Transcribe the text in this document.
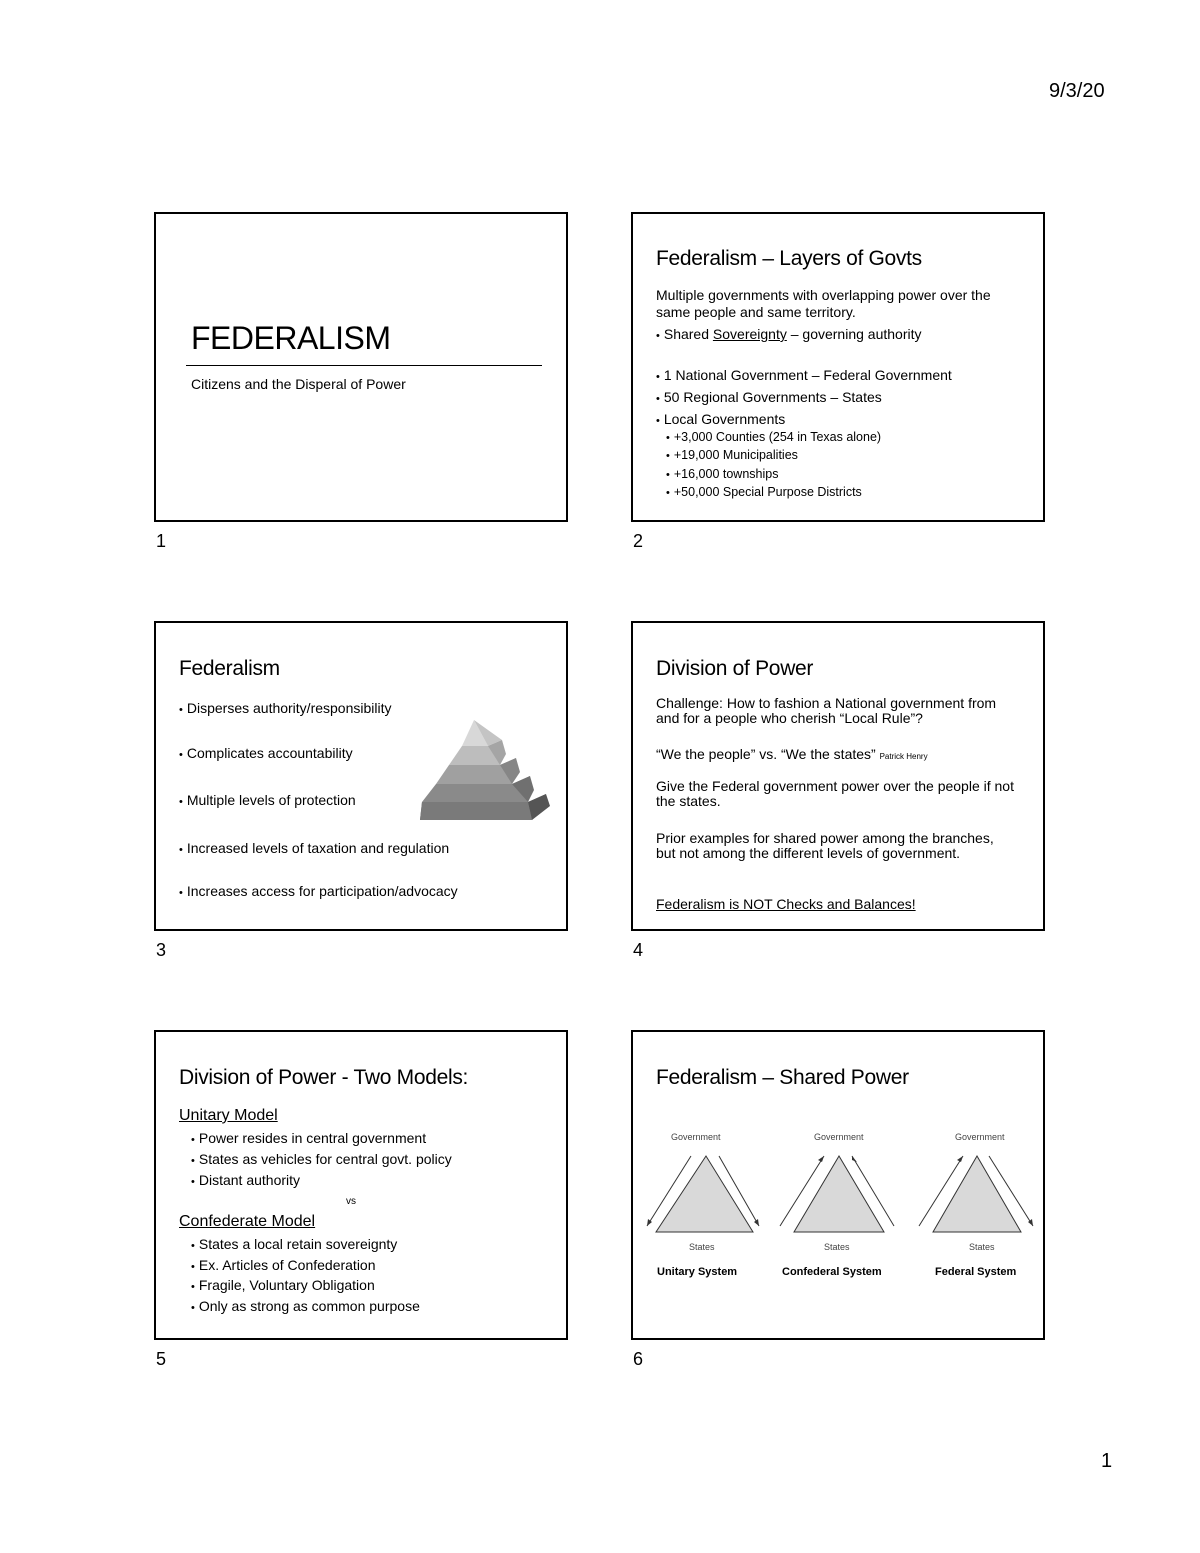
9/3/20
1
FEDERALISM
Citizens and the Disperal of Power
1
Federalism – Layers of Govts
Multiple governments with overlapping power over the same people and same territory.
• Shared Sovereignty – governing authority
• 1 National Government – Federal Government
• 50 Regional Governments – States
• Local Governments
• +3,000 Counties (254 in Texas alone)
• +19,000 Municipalities
• +16,000 townships
• +50,000 Special Purpose Districts
2
Federalism
• Disperses authority/responsibility
• Complicates accountability
• Multiple levels of protection
• Increased levels of taxation and regulation
• Increases access for participation/advocacy
3
Division of Power
Challenge: How to fashion a National government from and for a people who cherish “Local Rule”?
“We the people” vs. “We the states” Patrick Henry
Give the Federal government power over the people if not the states.
Prior examples for shared power among the branches, but not among the different levels of government.
Federalism is NOT Checks and Balances!
4
Division of Power - Two Models:
Unitary Model
• Power resides in central government
• States as vehicles for central govt. policy
• Distant authority
vs
Confederate Model
• States a local retain sovereignty
• Ex. Articles of Confederation
• Fragile, Voluntary Obligation
• Only as strong as common purpose
5
Federalism – Shared Power
Government
States
Unitary System
Government
States
Confederal System
Government
States
Federal System
6
